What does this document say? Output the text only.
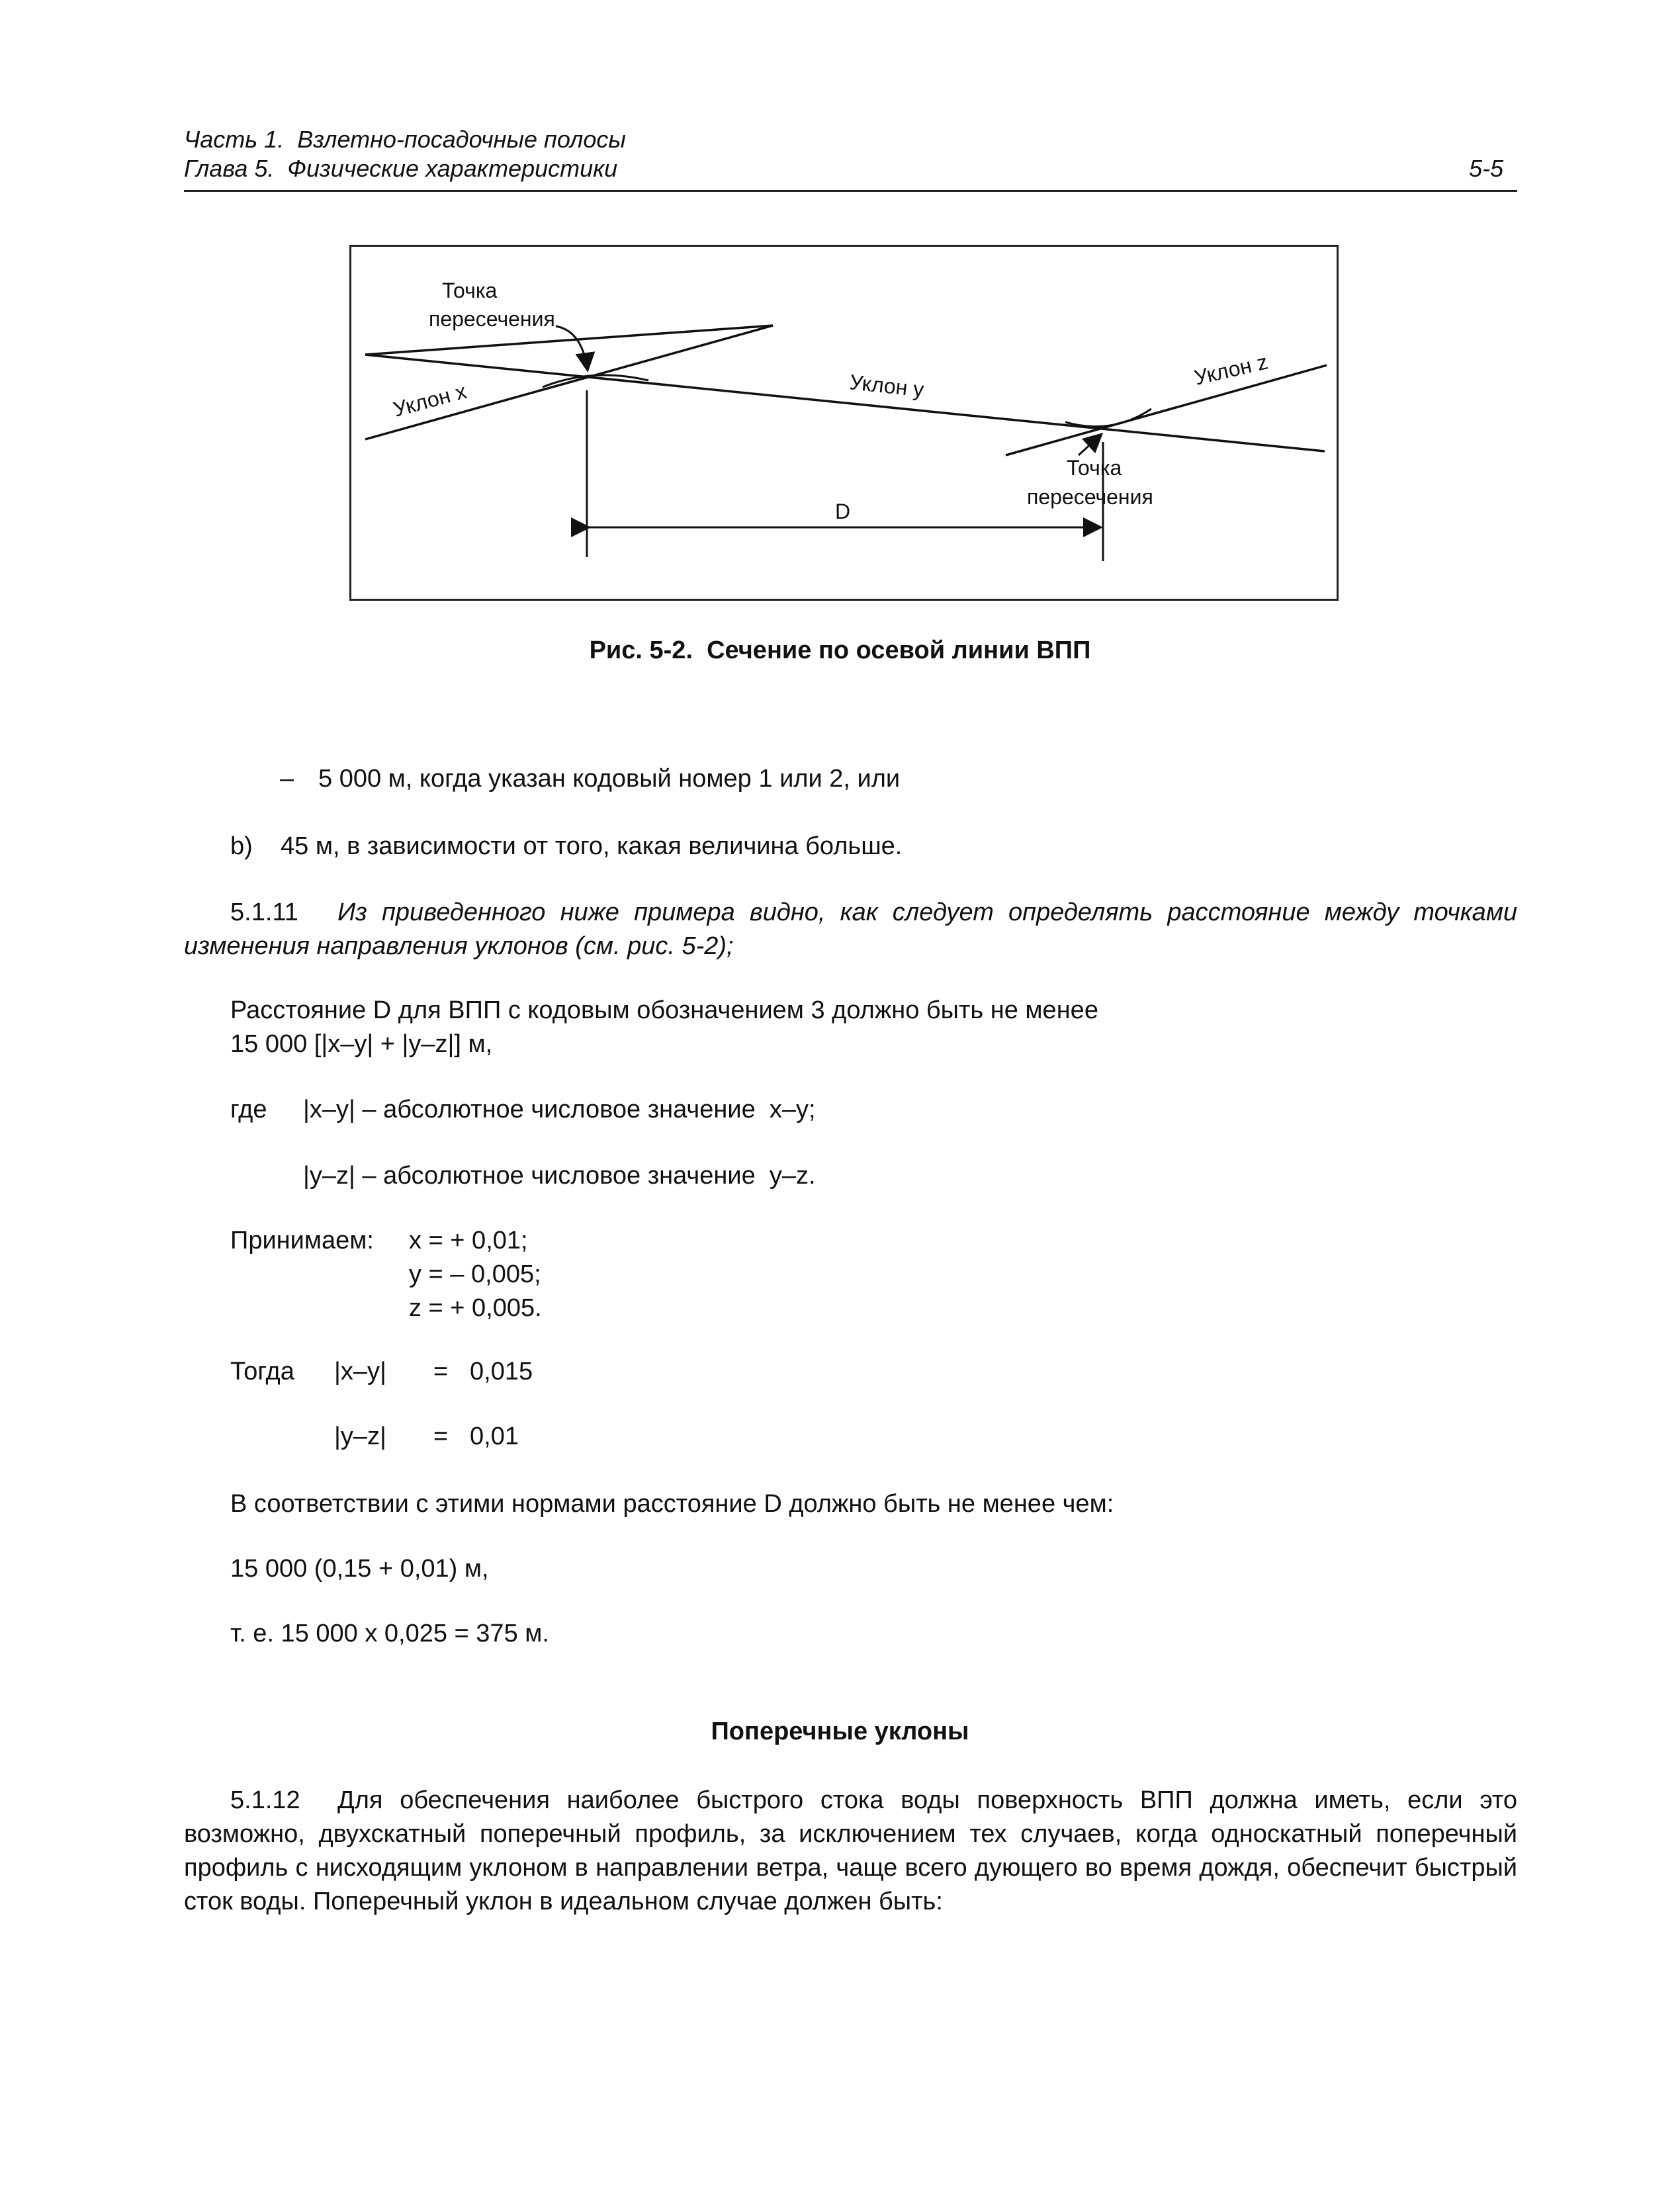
Часть 1.  Взлетно-посадочные полосы
Глава 5.  Физические характеристики	5-5
Точка
пересечения
Уклон x	Уклон y	Уклон z
Точка
пересечения
D
Рис. 5-2.  Сечение по осевой линии ВПП
– 5 000 м, когда указан кодовый номер 1 или 2, или
b) 45 м, в зависимости от того, какая величина больше.
5.1.11	Из приведенного ниже примера видно, как следует определять расстояние между точками изменения направления уклонов (см. рис. 5-2);
Расстояние D для ВПП с кодовым обозначением 3 должно быть не менее
15 000 [|x–y| + |y–z|] м,
где |x–y| – абсолютное числовое значение  x–y;
|y–z| – абсолютное числовое значение  y–z.
Принимаем: x = + 0,01;
y = – 0,005;
z = + 0,005.
Тогда |x–y| = 0,015
|y–z| = 0,01
В соответствии с этими нормами расстояние D должно быть не менее чем:
15 000 (0,15 + 0,01) м,
т. е. 15 000 x 0,025 = 375 м.
Поперечные уклоны
5.1.12	Для обеспечения наиболее быстрого стока воды поверхность ВПП должна иметь, если это возможно, двухскатный поперечный профиль, за исключением тех случаев, когда односкатный поперечный профиль с нисходящим уклоном в направлении ветра, чаще всего дующего во время дождя, обеспечит быстрый сток воды. Поперечный уклон в идеальном случае должен быть:
